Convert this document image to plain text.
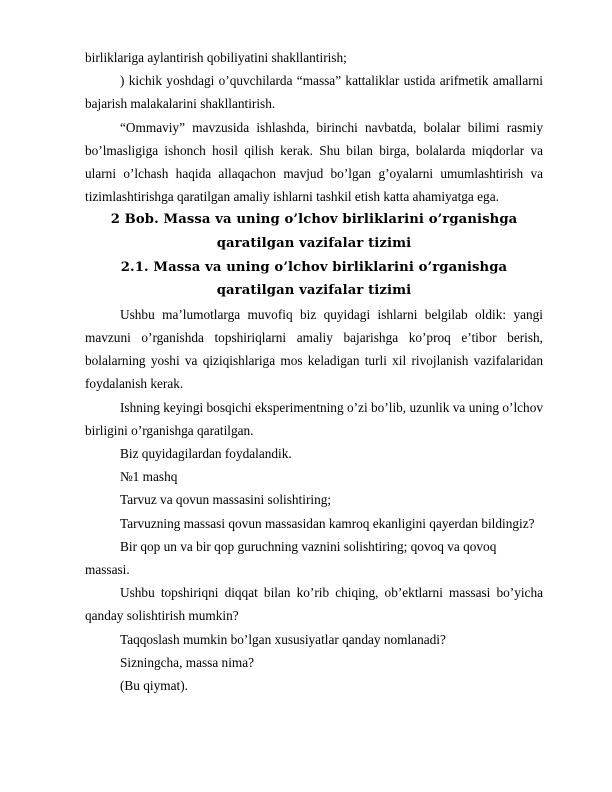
birliklariga aylantirish qobiliyatini shakllantirish;

) kichik yoshdagi o’quvchilarda “massa” kattaliklar ustida arifmetik amallarni bajarish malakalarini shakllantirish.

“Ommaviy” mavzusida ishlashda, birinchi navbatda, bolalar bilimi rasmiy bo’lmasligiga ishonch hosil qilish kerak. Shu bilan birga, bolalarda miqdorlar va ularni o’lchash haqida allaqachon mavjud bo’lgan g’oyalarni umumlashtirish va tizimlashtirishga qaratilgan amaliy ishlarni tashkil etish katta ahamiyatga ega.

2 Bob. Massa va uning o’lchov birliklarini o’rganishga qaratilgan vazifalar tizimi
2.1. Massa va uning o’lchov birliklarini o’rganishga qaratilgan vazifalar tizimi

Ushbu ma’lumotlarga muvofiq biz quyidagi ishlarni belgilab oldik: yangi mavzuni o’rganishda topshiriqlarni amaliy bajarishga ko’proq e’tibor berish, bolalarning yoshi va qiziqishlariga mos keladigan turli xil rivojlanish vazifalaridan foydalanish kerak.

Ishning keyingi bosqichi eksperimentning o’zi bo’lib, uzunlik va uning o’lchov birligini o’rganishga qaratilgan.

Biz quyidagilardan foydalandik.

№1 mashq

Tarvuz va qovun massasini solishtiring;

Tarvuzning massasi qovun massasidan kamroq ekanligini qayerdan bildingiz?

Bir qop un va bir qop guruchning vaznini solishtiring; qovoq va qovoq massasi.

Ushbu topshiriqni diqqat bilan ko’rib chiqing, ob’ektlarni massasi bo’yicha qanday solishtirish mumkin?

Taqqoslash mumkin bo’lgan xususiyatlar qanday nomlanadi?

Sizningcha, massa nima?

(Bu qiymat).
